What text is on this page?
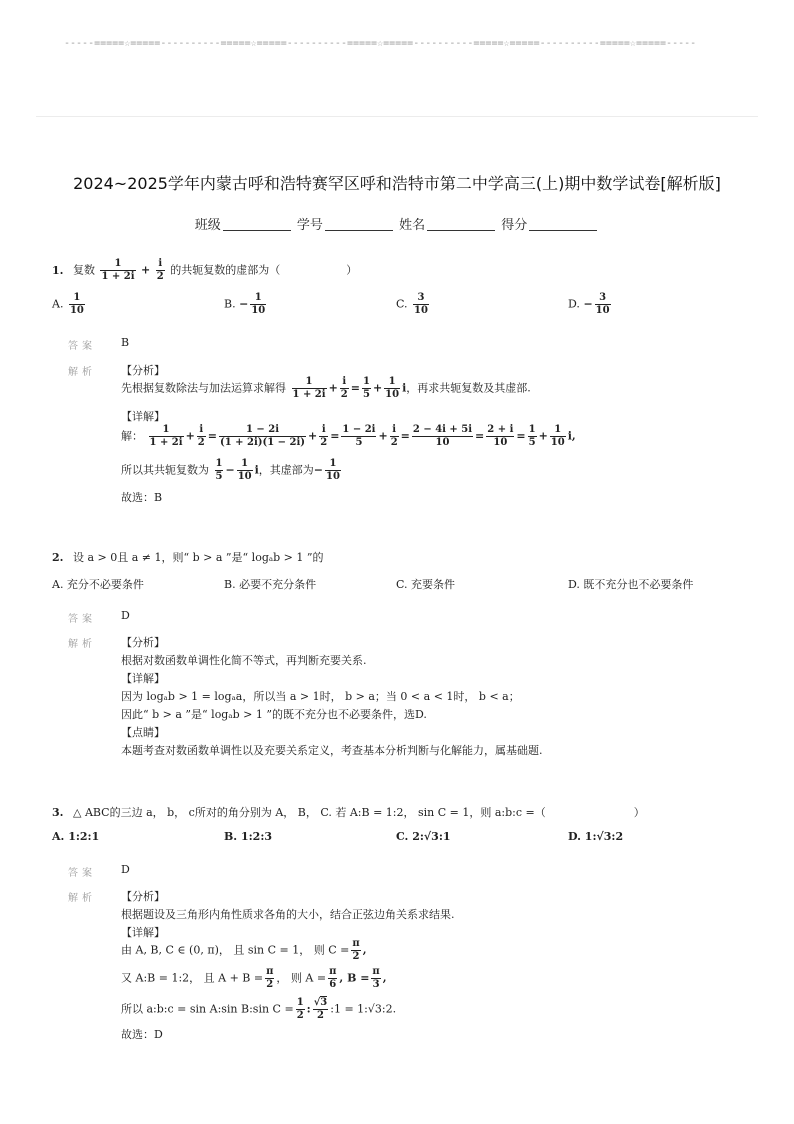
-----=====☆=====----------=====☆=====----------=====☆=====----------=====☆=====----------=====☆=====-----
2024~2025学年内蒙古呼和浩特赛罕区呼和浩特市第二中学高三(上)期中数学试卷[解析版]
班级	学号	姓名	得分
1. 复数 $\frac{1}{1 + 2i} + \frac{i}{2}$ 的共轭复数的虚部为（　　　　　　）
A. $\frac{1}{10}$	B. − $\frac{1}{10}$	C. $\frac{3}{10}$	D. − $\frac{3}{10}$
答案 B
解析 【分析】
先根据复数除法与加法运算求解得 $\frac{1}{1 + 2i} + \frac{i}{2} = \frac{1}{5} + \frac{1}{10}$ i，再求共轭复数及其虚部.
【详解】
解： $\frac{1}{1 + 2i} + \frac{i}{2} = \frac{1 - 2i}{(1 + 2i)(1 - 2i)} + \frac{i}{2} = \frac{1 - 2i}{5} + \frac{i}{2} = \frac{2 - 4i + 5i}{10} = \frac{2 + i}{10} = \frac{1}{5} + \frac{1}{10} i$,
所以其共轭复数为 $\frac{1}{5} - \frac{1}{10}$ i，其虚部为− $\frac{1}{10}$
故选：B
2. 设 a > 0且 a ≠ 1，则“ b > a ”是“ logₐb > 1 ”的
A. 充分不必要条件	B. 必要不充分条件	C. 充要条件	D. 既不充分也不必要条件
答案 D
解析 【分析】
根据对数函数单调性化简不等式，再判断充要关系.
【详解】
因为 logₐb > 1 = logₐa，所以当 a > 1时， b > a；当 0 < a < 1时， b < a；
因此“ b > a ”是“ logₐb > 1 ”的既不充分也不必要条件，选D.
【点睛】
本题考查对数函数单调性以及充要关系定义，考查基本分析判断与化解能力，属基础题.
3. △ ABC的三边 a， b， c所对的角分别为 A， B， C. 若 A:B = 1:2， sin C = 1，则 a:b:c =（　　　　　　　　）
A. 1:2:1	B. 1:2:3	C. 2:√3:1	D. 1:√3:2
答案 D
解析 【分析】
根据题设及三角形内角性质求各角的大小，结合正弦边角关系求结果.
【详解】
由 A, B, C ∈ (0, π)， 且 sin C = 1， 则 $C = \frac{\pi}{2}$ ,
又 A:B = 1:2， 且 $A + B = \frac{\pi}{2}$ ， 则 $A = \frac{\pi}{6}$ , $B = \frac{\pi}{3}$ ,
所以 a:b:c = sin A:sin B:sin $C = \frac{1}{2}$ : $\frac{√3}{2}$ :1 = 1:√3:2.
故选：D
